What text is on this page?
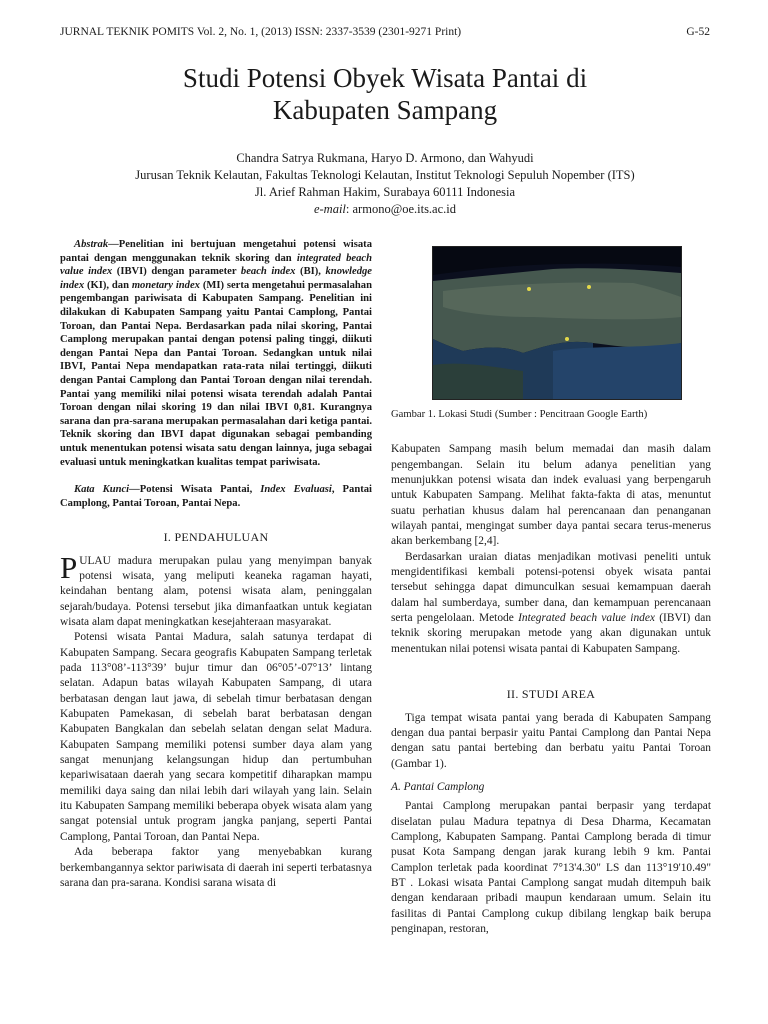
JURNAL TEKNIK POMITS Vol. 2, No. 1, (2013) ISSN: 2337-3539 (2301-9271 Print)	G-52
Studi Potensi Obyek Wisata Pantai di
Kabupaten Sampang
Chandra Satrya Rukmana, Haryo D. Armono, dan Wahyudi
Jurusan Teknik Kelautan, Fakultas Teknologi Kelautan, Institut Teknologi Sepuluh Nopember (ITS)
Jl. Arief Rahman Hakim, Surabaya 60111 Indonesia
e-mail: armono@oe.its.ac.id

Abstrak—Penelitian ini bertujuan mengetahui potensi wisata pantai dengan menggunakan teknik skoring dan integrated beach value index (IBVI) dengan parameter beach index (BI), knowledge index (KI), dan monetary index (MI) serta mengetahui permasalahan pengembangan pariwisata di Kabupaten Sampang. Penelitian ini dilakukan di Kabupaten Sampang yaitu Pantai Camplong, Pantai Toroan, dan Pantai Nepa. Berdasarkan pada nilai skoring, Pantai Camplong merupakan pantai dengan potensi paling tinggi, diikuti dengan Pantai Nepa dan Pantai Toroan. Sedangkan untuk nilai IBVI, Pantai Nepa mendapatkan rata-rata nilai tertinggi, diikuti dengan Pantai Camplong dan Pantai Toroan dengan nilai terendah. Pantai yang memiliki nilai potensi wisata terendah adalah Pantai Toroan dengan nilai skoring 19 dan nilai IBVI 0,81. Kurangnya sarana dan pra-sarana merupakan permasalahan dari ketiga pantai. Teknik skoring dan IBVI dapat digunakan sebagai pembanding untuk menentukan potensi wisata satu dengan lainnya, juga sebagai evaluasi untuk meningkatkan kualitas tempat pariwisata.

Kata Kunci—Potensi Wisata Pantai, Index Evaluasi, Pantai Camplong, Pantai Toroan, Pantai Nepa.

I. PENDAHULUAN

PULAU madura merupakan pulau yang menyimpan banyak potensi wisata, yang meliputi keaneka ragaman hayati, keindahan bentang alam, potensi wisata alam, peninggalan sejarah/budaya. Potensi tersebut jika dimanfaatkan untuk kegiatan wisata alam dapat meningkatkan kesejahteraan masyarakat.

Potensi wisata Pantai Madura, salah satunya terdapat di Kabupaten Sampang. Secara geografis Kabupaten Sampang terletak pada 113°08’-113°39’ bujur timur dan 06°05’-07°13’ lintang selatan. Adapun batas wilayah Kabupaten Sampang, di utara berbatasan dengan laut jawa, di sebelah timur berbatasan dengan Kabupaten Pamekasan, di sebelah barat berbatasan dengan Kabupaten Bangkalan dan sebelah selatan dengan selat Madura. Kabupaten Sampang memiliki potensi sumber daya alam yang sangat menunjang kelangsungan hidup dan pertumbuhan kepariwisataan daerah yang secara kompetitif diharapkan mampu memiliki daya saing dan nilai lebih dari wilayah yang lain. Selain itu Kabupaten Sampang memiliki beberapa obyek wisata alam yang sangat potensial untuk program jangka panjang, seperti Pantai Camplong, Pantai Toroan, dan Pantai Nepa.

Ada beberapa faktor yang menyebabkan kurang berkembangannya sektor pariwisata di daerah ini seperti terbatasnya sarana dan pra-sarana. Kondisi sarana wisata di

Gambar 1. Lokasi Studi (Sumber : Pencitraan Google Earth)

Kabupaten Sampang masih belum memadai dan masih dalam pengembangan. Selain itu belum adanya penelitian yang menunjukkan potensi wisata dan indek evaluasi yang berpengaruh untuk Kabupaten Sampang. Melihat fakta-fakta di atas, menuntut suatu perhatian khusus dalam hal perencanaan dan penanganan wilayah pantai, mengingat sumber daya pantai secara terus-menerus akan berkembang [2,4].

Berdasarkan uraian diatas menjadikan motivasi peneliti untuk mengidentifikasi kembali potensi-potensi obyek wisata pantai tersebut sehingga dapat dimunculkan sesuai kemampuan daerah dalam hal sumberdaya, sumber dana, dan kemampuan perencanaan serta pengelolaan. Metode Integrated beach value index (IBVI) dan teknik skoring merupakan metode yang akan digunakan untuk menentukan nilai potensi wisata pantai di Kabupaten Sampang.

II. STUDI AREA

Tiga tempat wisata pantai yang berada di Kabupaten Sampang dengan dua pantai berpasir yaitu Pantai Camplong dan Pantai Nepa dengan satu pantai bertebing dan berbatu yaitu Pantai Toroan (Gambar 1).

A. Pantai Camplong

Pantai Camplong merupakan pantai berpasir yang terdapat diselatan pulau Madura tepatnya di Desa Dharma, Kecamatan Camplong, Kabupaten Sampang. Pantai Camplong berada di timur pusat Kota Sampang dengan jarak kurang lebih 9 km. Pantai Camplon terletak pada koordinat 7°13'4.30" LS dan 113°19'10.49" BT . Lokasi wisata Pantai Camplong sangat mudah ditempuh baik dengan kendaraan pribadi maupun kendaraan umum. Selain itu fasilitas di Pantai Camplong cukup dibilang lengkap baik berupa penginapan, restoran,
